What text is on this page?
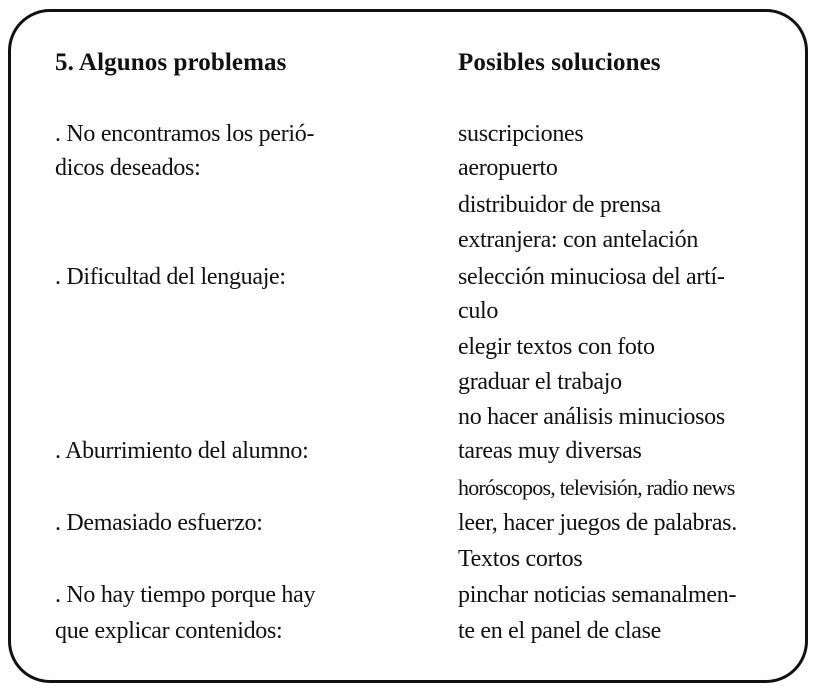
5. Algunos problemas	Posibles soluciones
. No encontramos los perió-
dicos deseados:
. Dificultad del lenguaje:
. Aburrimiento del alumno:
. Demasiado esfuerzo:
. No hay tiempo porque hay
que explicar contenidos:
suscripciones
aeropuerto
distribuidor de prensa
extranjera: con antelación
selección minuciosa del artí-
culo
elegir textos con foto
graduar el trabajo
no hacer análisis minuciosos
tareas muy diversas
horóscopos, televisión, radio news
leer, hacer juegos de palabras.
Textos cortos
pinchar noticias semanalmen-
te en el panel de clase
